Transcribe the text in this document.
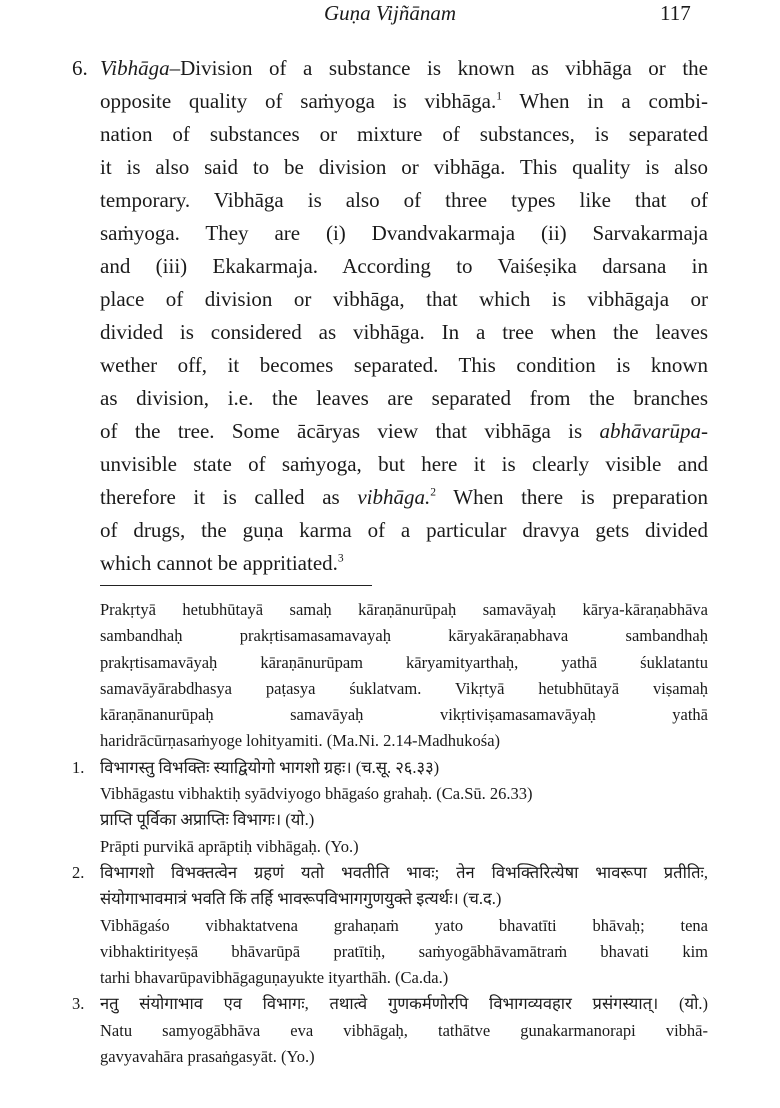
Guṇa Vijñānam	117
6. Vibhāga–Division of a substance is known as vibhāga or the
opposite quality of saṁyoga is vibhāga.$^1$ When in a combi-
nation of substances or mixture of substances, is separated
it is also said to be division or vibhāga. This quality is also
temporary. Vibhāga is also of three types like that of
saṁyoga. They are (i) Dvandvakarmaja (ii) Sarvakarmaja
and (iii) Ekakarmaja. According to Vaiśeṣika darsana in
place of division or vibhāga, that which is vibhāgaja or
divided is considered as vibhāga. In a tree when the leaves
wether off, it becomes separated. This condition is known
as division, i.e. the leaves are separated from the branches
of the tree. Some ācāryas view that vibhāga is abhāvarūpa-
unvisible state of saṁyoga, but here it is clearly visible and
therefore it is called as vibhāga.$^2$ When there is preparation
of drugs, the guṇa karma of a particular dravya gets divided
which cannot be appritiated.$^3$
Prakṛtyā hetubhūtayā samaḥ kāraṇānurūpaḥ samavāyaḥ kārya-kāraṇabhāva
sambandhaḥ prakṛtisamasamavayaḥ kāryakāraṇabhava sambandhaḥ
prakṛtisamavāyaḥ kāraṇānurūpam kāryamityarthaḥ, yathā śuklatantu
samavāyārabdhasya paṭasya śuklatvam. Vikṛtyā hetubhūtayā viṣamaḥ
kāraṇānanurūpaḥ samavāyaḥ vikṛtiviṣamasamavāyaḥ yathā
haridrācūrṇasaṁyoge lohityamiti. (Ma.Ni. 2.14-Madhukośa)
1. विभागस्तु विभक्तिः स्याद्वियोगो भागशो ग्रहः। (च.सू. २६.३३)
Vibhāgastu vibhaktiḥ syādviyogo bhāgaśo grahaḥ. (Ca.Sū. 26.33)
प्राप्ति पूर्विका अप्राप्तिः विभागः। (यो.)
Prāpti purvikā aprāptiḥ vibhāgaḥ. (Yo.)
2. विभागशो विभक्तत्वेन ग्रहणं यतो भवतीति भावः; तेन विभक्तिरित्येषा भावरूपा प्रतीतिः,
संयोगाभावमात्रं भवति किं तर्हि भावरूपविभागगुणयुक्ते इत्यर्थः। (च.द.)
Vibhāgaśo vibhaktatvena grahaṇaṁ yato bhavatīti bhāvaḥ; tena
vibhaktirityeṣā bhāvarūpā pratītiḥ, saṁyogābhāvamātraṁ bhavati kim
tarhi bhavarūpavibhāgaguṇayukte ityarthāh. (Ca.da.)
3. नतु संयोगाभाव एव विभागः, तथात्वे गुणकर्मणोरपि विभागव्यवहार प्रसंगस्यात्। (यो.)
Natu samyogābhāva eva vibhāgaḥ, tathātve gunakarmanorapi vibhā-
gavyavahāra prasaṅgasyāt. (Yo.)
